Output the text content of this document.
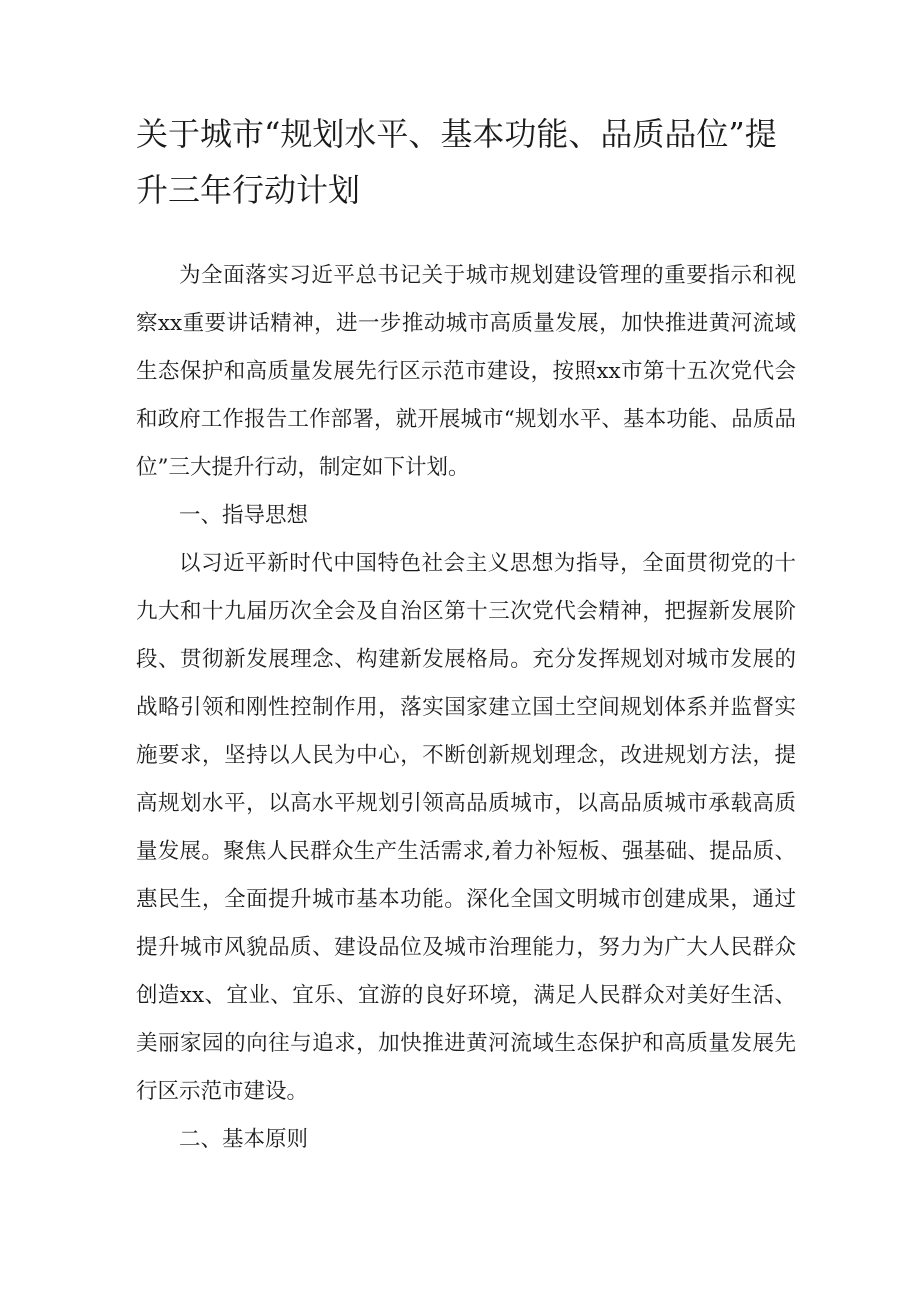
关于城市“规划水平、基本功能、品质品位”提升三年行动计划

为全面落实习近平总书记关于城市规划建设管理的重要指示和视察xx重要讲话精神，进一步推动城市高质量发展，加快推进黄河流域生态保护和高质量发展先行区示范市建设，按照xx市第十五次党代会和政府工作报告工作部署，就开展城市“规划水平、基本功能、品质品位”三大提升行动，制定如下计划。

一、指导思想

以习近平新时代中国特色社会主义思想为指导，全面贯彻党的十九大和十九届历次全会及自治区第十三次党代会精神，把握新发展阶段、贯彻新发展理念、构建新发展格局。充分发挥规划对城市发展的战略引领和刚性控制作用，落实国家建立国土空间规划体系并监督实施要求，坚持以人民为中心，不断创新规划理念，改进规划方法，提高规划水平，以高水平规划引领高品质城市，以高品质城市承载高质量发展。聚焦人民群众生产生活需求,着力补短板、强基础、提品质、惠民生，全面提升城市基本功能。深化全国文明城市创建成果，通过提升城市风貌品质、建设品位及城市治理能力，努力为广大人民群众创造xx、宜业、宜乐、宜游的良好环境，满足人民群众对美好生活、美丽家园的向往与追求，加快推进黄河流域生态保护和高质量发展先行区示范市建设。

二、基本原则
